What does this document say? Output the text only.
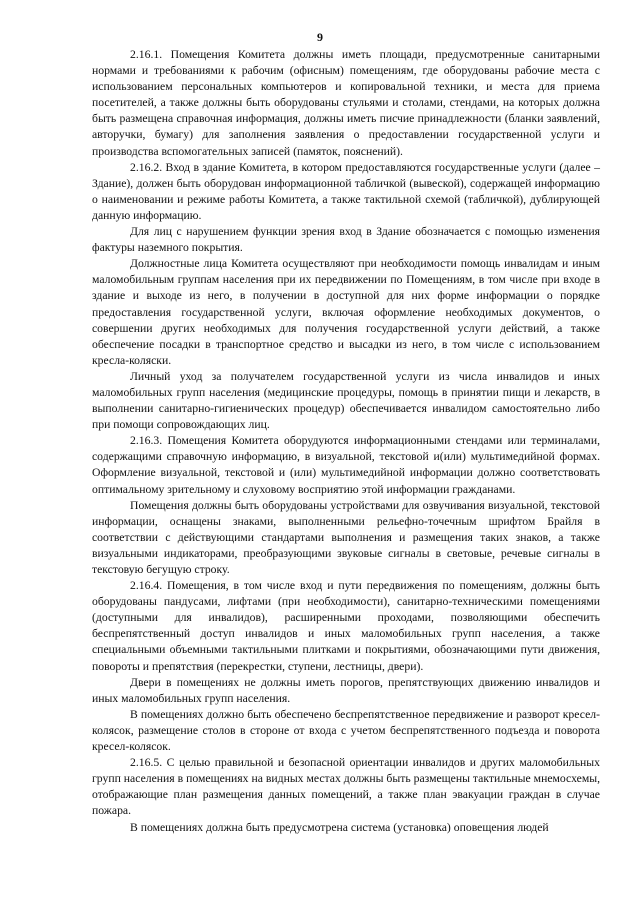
9

2.16.1. Помещения Комитета должны иметь площади, предусмотренные санитарными нормами и требованиями к рабочим (офисным) помещениям, где оборудованы рабочие места с использованием персональных компьютеров и копировальной техники, и места для приема посетителей, а также должны быть оборудованы стульями и столами, стендами, на которых должна быть размещена справочная информация, должны иметь писчие принадлежности (бланки заявлений, авторучки, бумагу) для заполнения заявления о предоставлении государственной услуги и производства вспомогательных записей (памяток, пояснений).

2.16.2. Вход в здание Комитета, в котором предоставляются государственные услуги (далее – Здание), должен быть оборудован информационной табличкой (вывеской), содержащей информацию о наименовании и режиме работы Комитета, а также тактильной схемой (табличкой), дублирующей данную информацию.

Для лиц с нарушением функции зрения вход в Здание обозначается с помощью изменения фактуры наземного покрытия.

Должностные лица Комитета осуществляют при необходимости помощь инвалидам и иным маломобильным группам населения при их передвижении по Помещениям, в том числе при входе в здание и выходе из него, в получении в доступной для них форме информации о порядке предоставления государственной услуги, включая оформление необходимых документов, о совершении других необходимых для получения государственной услуги действий, а также обеспечение посадки в транспортное средство и высадки из него, в том числе с использованием кресла-коляски.

Личный уход за получателем государственной услуги из числа инвалидов и иных маломобильных групп населения (медицинские процедуры, помощь в принятии пищи и лекарств, в выполнении санитарно-гигиенических процедур) обеспечивается инвалидом самостоятельно либо при помощи сопровождающих лиц.

2.16.3. Помещения Комитета оборудуются информационными стендами или терминалами, содержащими справочную информацию, в визуальной, текстовой и(или) мультимедийной формах. Оформление визуальной, текстовой и (или) мультимедийной информации должно соответствовать оптимальному зрительному и слуховому восприятию этой информации гражданами.

Помещения должны быть оборудованы устройствами для озвучивания визуальной, текстовой информации, оснащены знаками, выполненными рельефно-точечным шрифтом Брайля в соответствии с действующими стандартами выполнения и размещения таких знаков, а также визуальными индикаторами, преобразующими звуковые сигналы в световые, речевые сигналы в текстовую бегущую строку.

2.16.4. Помещения, в том числе вход и пути передвижения по помещениям, должны быть оборудованы пандусами, лифтами (при необходимости), санитарно-техническими помещениями (доступными для инвалидов), расширенными проходами, позволяющими обеспечить беспрепятственный доступ инвалидов и иных маломобильных групп населения, а также специальными объемными тактильными плитками и покрытиями, обозначающими пути движения, повороты и препятствия (перекрестки, ступени, лестницы, двери).

Двери в помещениях не должны иметь порогов, препятствующих движению инвалидов и иных маломобильных групп населения.

В помещениях должно быть обеспечено беспрепятственное передвижение и разворот кресел-колясок, размещение столов в стороне от входа с учетом беспрепятственного подъезда и поворота кресел-колясок.

2.16.5. С целью правильной и безопасной ориентации инвалидов и других маломобильных групп населения в помещениях на видных местах должны быть размещены тактильные мнемосхемы, отображающие план размещения данных помещений, а также план эвакуации граждан в случае пожара.

В помещениях должна быть предусмотрена система (установка) оповещения людей
